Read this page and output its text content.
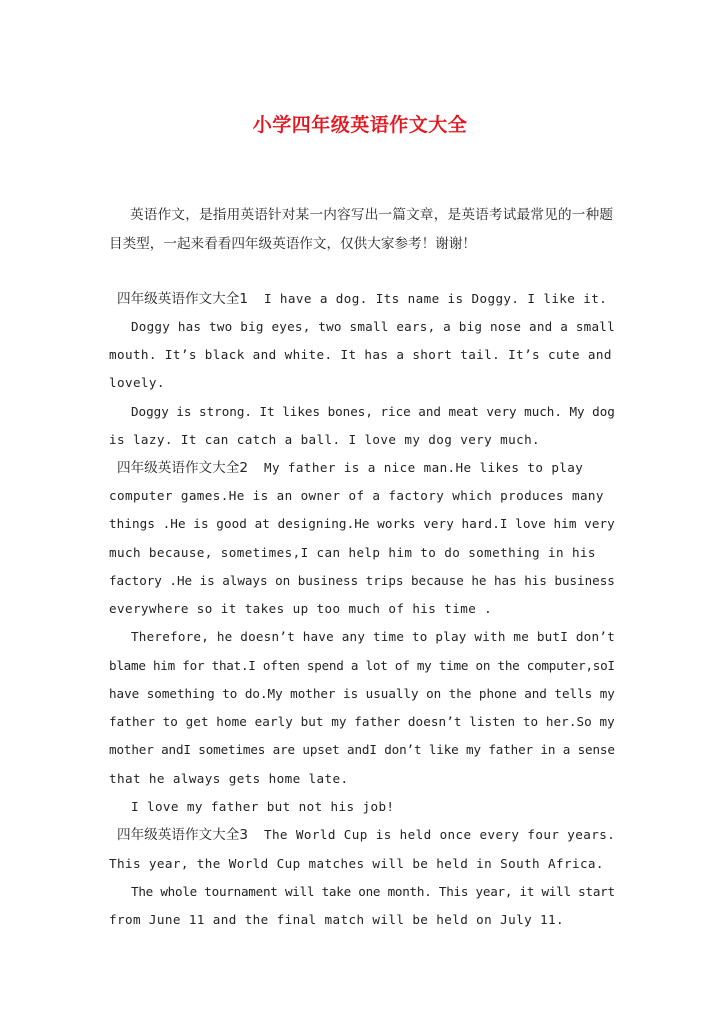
小学四年级英语作文大全

英语作文，是指用英语针对某一内容写出一篇文章，是英语考试最常见的一种题目类型，一起来看看四年级英语作文，仅供大家参考！谢谢！

四年级英语作文大全1 I have a dog. Its name is Doggy. I like it.
Doggy has two big eyes, two small ears, a big nose and a small
mouth. It’s black and white. It has a short tail. It’s cute and
lovely.
Doggy is strong. It likes bones, rice and meat very much. My dog
is lazy. It can catch a ball. I love my dog very much.
四年级英语作文大全2 My father is a nice man.He likes to play
computer games.He is an owner of a factory which produces many
things .He is good at designing.He works very hard.I love him very
much because, sometimes,I can help him to do something in his
factory .He is always on business trips because he has his business
everywhere so it takes up too much of his time .
Therefore, he doesn’t have any time to play with me butI don’t
blame him for that.I often spend a lot of my time on the computer,soI
have something to do.My mother is usually on the phone and tells my
father to get home early but my father doesn’t listen to her.So my
mother andI sometimes are upset andI don’t like my father in a sense
that he always gets home late.
I love my father but not his job!
四年级英语作文大全3 The World Cup is held once every four years.
This year, the World Cup matches will be held in South Africa.
The whole tournament will take one month. This year, it will start
from June 11 and the final match will be held on July 11.
